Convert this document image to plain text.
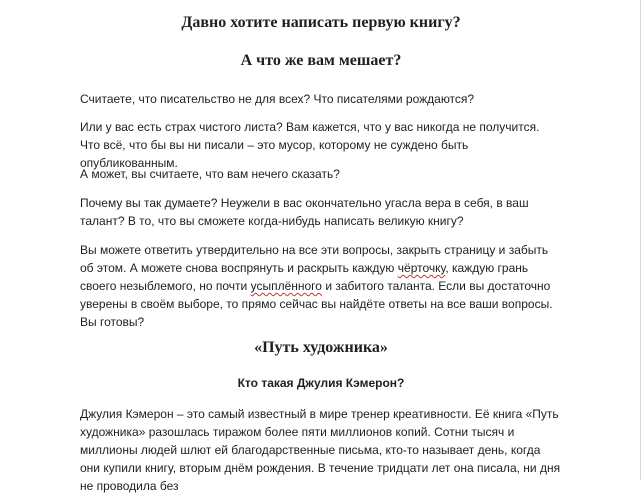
Давно хотите написать первую книгу?
А что же вам мешает?

Считаете, что писательство не для всех? Что писателями рождаются?

Или у вас есть страх чистого листа? Вам кажется, что у вас никогда не получится. Что всё, что бы вы ни писали – это мусор, которому не суждено быть опубликованным.

А может, вы считаете, что вам нечего сказать?

Почему вы так думаете? Неужели в вас окончательно угасла вера в себя, в ваш талант? В то, что вы сможете когда-нибудь написать великую книгу?

Вы можете ответить утвердительно на все эти вопросы, закрыть страницу и забыть об этом. А можете снова воспрянуть и раскрыть каждую чёрточку, каждую грань своего незыблемого, но почти усыплённого и забитого таланта. Если вы достаточно уверены в своём выборе, то прямо сейчас вы найдёте ответы на все ваши вопросы. Вы готовы?

«Путь художника»
Кто такая Джулия Кэмерон?

Джулия Кэмерон – это самый известный в мире тренер креативности. Её книга «Путь художника» разошлась тиражом более пяти миллионов копий. Сотни тысяч и миллионы людей шлют ей благодарственные письма, кто-то называет день, когда они купили книгу, вторым днём рождения. В течение тридцати лет она писала, ни дня не проводила без
